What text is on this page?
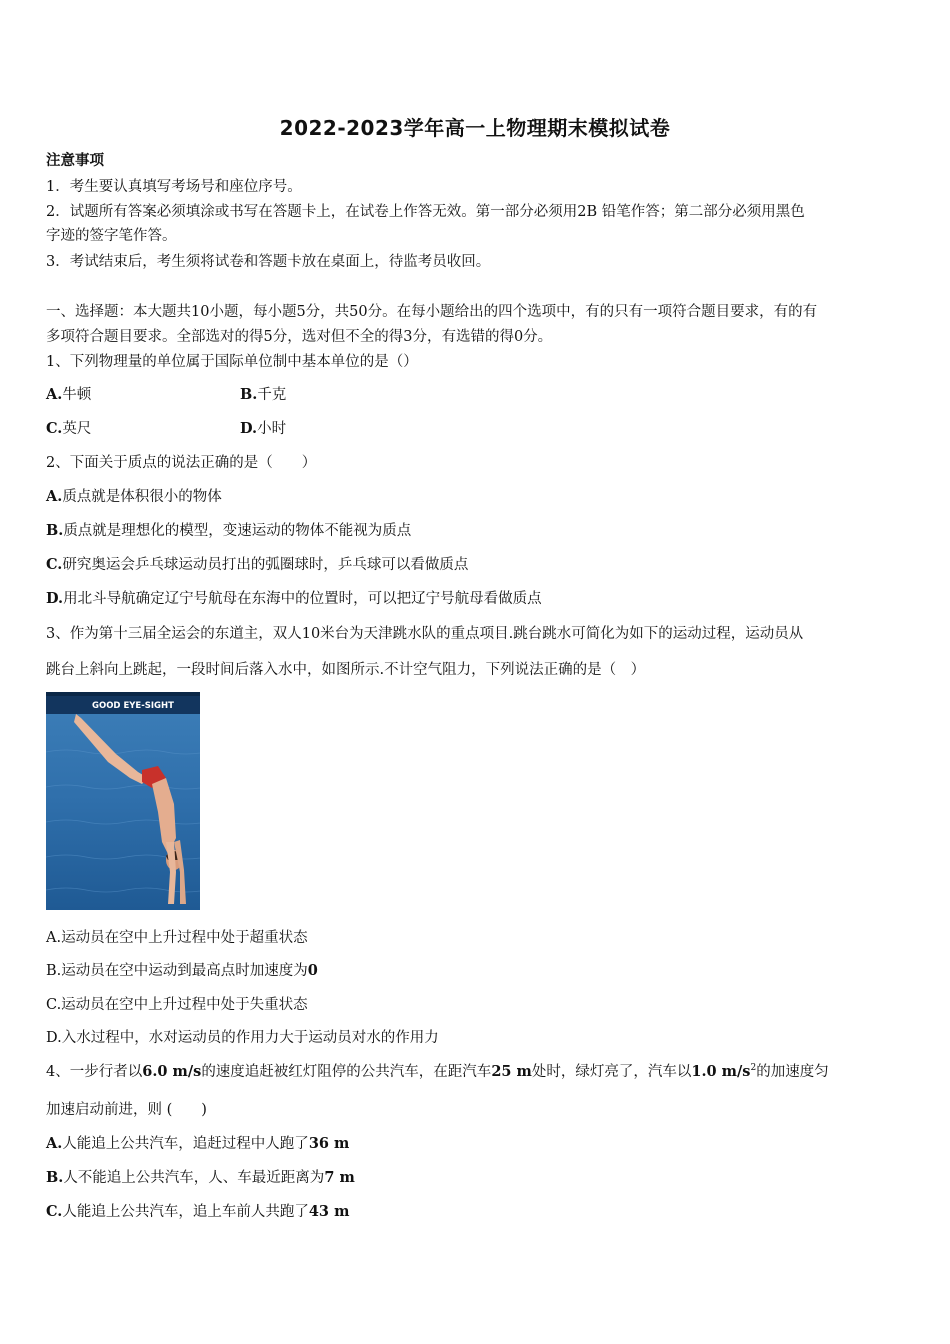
2022-2023学年高一上物理期末模拟试卷
注意事项
1．考生要认真填写考场号和座位序号。
2．试题所有答案必须填涂或书写在答题卡上，在试卷上作答无效。第一部分必须用2B 铅笔作答；第二部分必须用黑色
字迹的签字笔作答。
3．考试结束后，考生须将试卷和答题卡放在桌面上，待监考员收回。
一、选择题：本大题共10小题，每小题5分，共50分。在每小题给出的四个选项中，有的只有一项符合题目要求，有的有
多项符合题目要求。全部选对的得5分，选对但不全的得3分，有选错的得0分。
1、下列物理量的单位属于国际单位制中基本单位的是（）
A.牛顿	B.千克
C.英尺	D.小时
2、下面关于质点的说法正确的是（　　）
A.质点就是体积很小的物体
B.质点就是理想化的模型，变速运动的物体不能视为质点
C.研究奥运会乒乓球运动员打出的弧圈球时，乒乓球可以看做质点
D.用北斗导航确定辽宁号航母在东海中的位置时，可以把辽宁号航母看做质点
3、作为第十三届全运会的东道主，双人10米台为天津跳水队的重点项目.跳台跳水可简化为如下的运动过程，运动员从
跳台上斜向上跳起，一段时间后落入水中，如图所示.不计空气阻力，下列说法正确的是（　）
GOOD EYE-SIGHT
A.运动员在空中上升过程中处于超重状态
B.运动员在空中运动到最高点时加速度为0
C.运动员在空中上升过程中处于失重状态
D.入水过程中，水对运动员的作用力大于运动员对水的作用力
4、一步行者以6.0 m/s的速度追赶被红灯阻停的公共汽车，在距汽车25 m处时，绿灯亮了，汽车以1.0 $m/s^2$的加速度匀
加速启动前进，则 (　　)
A.人能追上公共汽车，追赶过程中人跑了36 m
B.人不能追上公共汽车，人、车最近距离为7 m
C.人能追上公共汽车，追上车前人共跑了43 m
